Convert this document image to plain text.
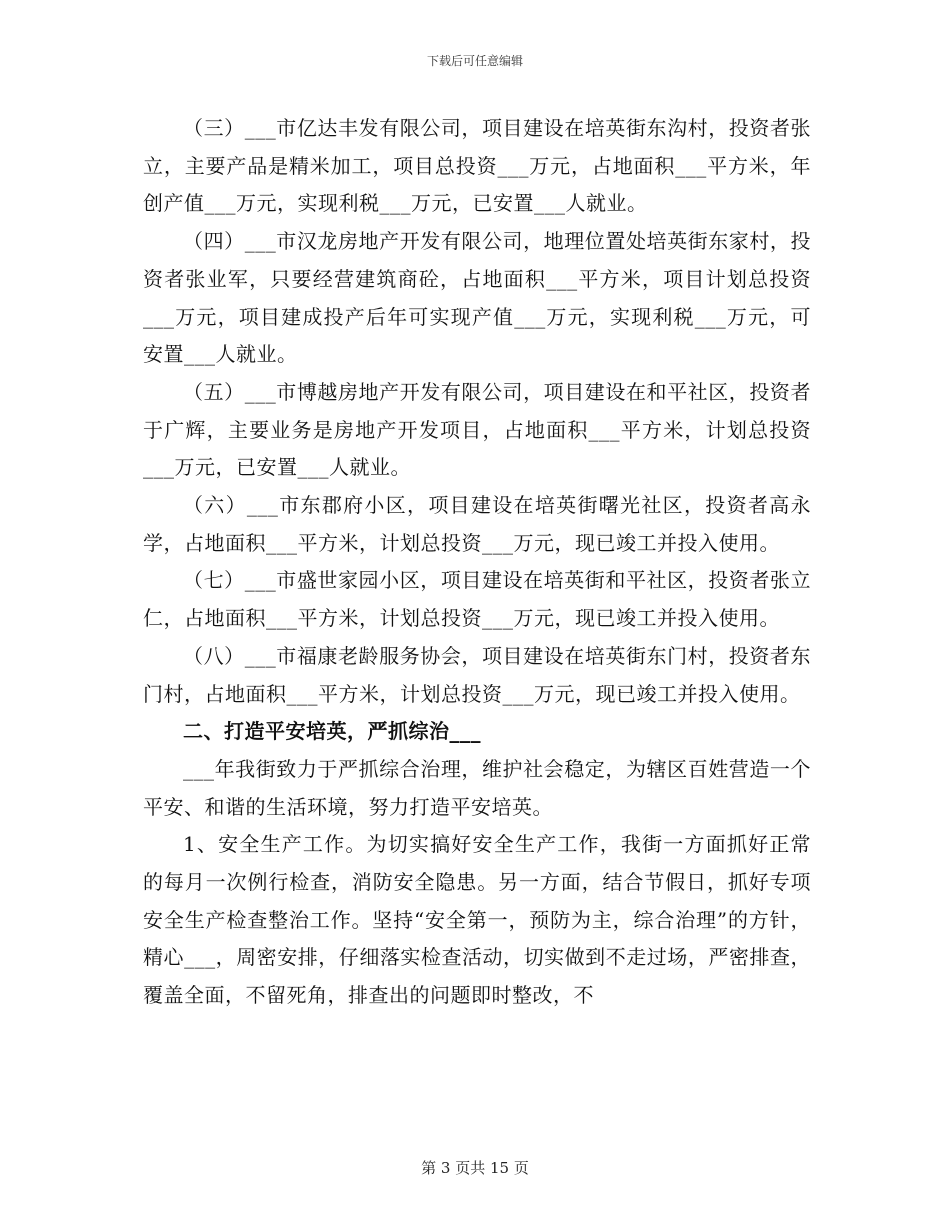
下载后可任意编辑

（三）___市亿达丰发有限公司，项目建设在培英街东沟村，投资者张立，主要产品是精米加工，项目总投资___万元，占地面积___平方米，年创产值___万元，实现利税___万元，已安置___人就业。

（四）___市汉龙房地产开发有限公司，地理位置处培英街东家村，投资者张业军，只要经营建筑商砼，占地面积___平方米，项目计划总投资___万元，项目建成投产后年可实现产值___万元，实现利税___万元，可安置___人就业。

（五）___市博越房地产开发有限公司，项目建设在和平社区，投资者于广辉，主要业务是房地产开发项目，占地面积___平方米，计划总投资___万元，已安置___人就业。

（六）___市东郡府小区，项目建设在培英街曙光社区，投资者高永学，占地面积___平方米，计划总投资___万元，现已竣工并投入使用。

（七）___市盛世家园小区，项目建设在培英街和平社区，投资者张立仁，占地面积___平方米，计划总投资___万元，现已竣工并投入使用。

（八）___市福康老龄服务协会，项目建设在培英街东门村，投资者东门村，占地面积___平方米，计划总投资___万元，现已竣工并投入使用。

二、打造平安培英，严抓综治___

___年我街致力于严抓综合治理，维护社会稳定，为辖区百姓营造一个平安、和谐的生活环境，努力打造平安培英。

1、安全生产工作。为切实搞好安全生产工作，我街一方面抓好正常的每月一次例行检查，消防安全隐患。另一方面，结合节假日，抓好专项安全生产检查整治工作。坚持“安全第一，预防为主，综合治理”的方针，精心___，周密安排，仔细落实检查活动，切实做到不走过场，严密排查，覆盖全面，不留死角，排查出的问题即时整改，不

第 3 页共 15 页
